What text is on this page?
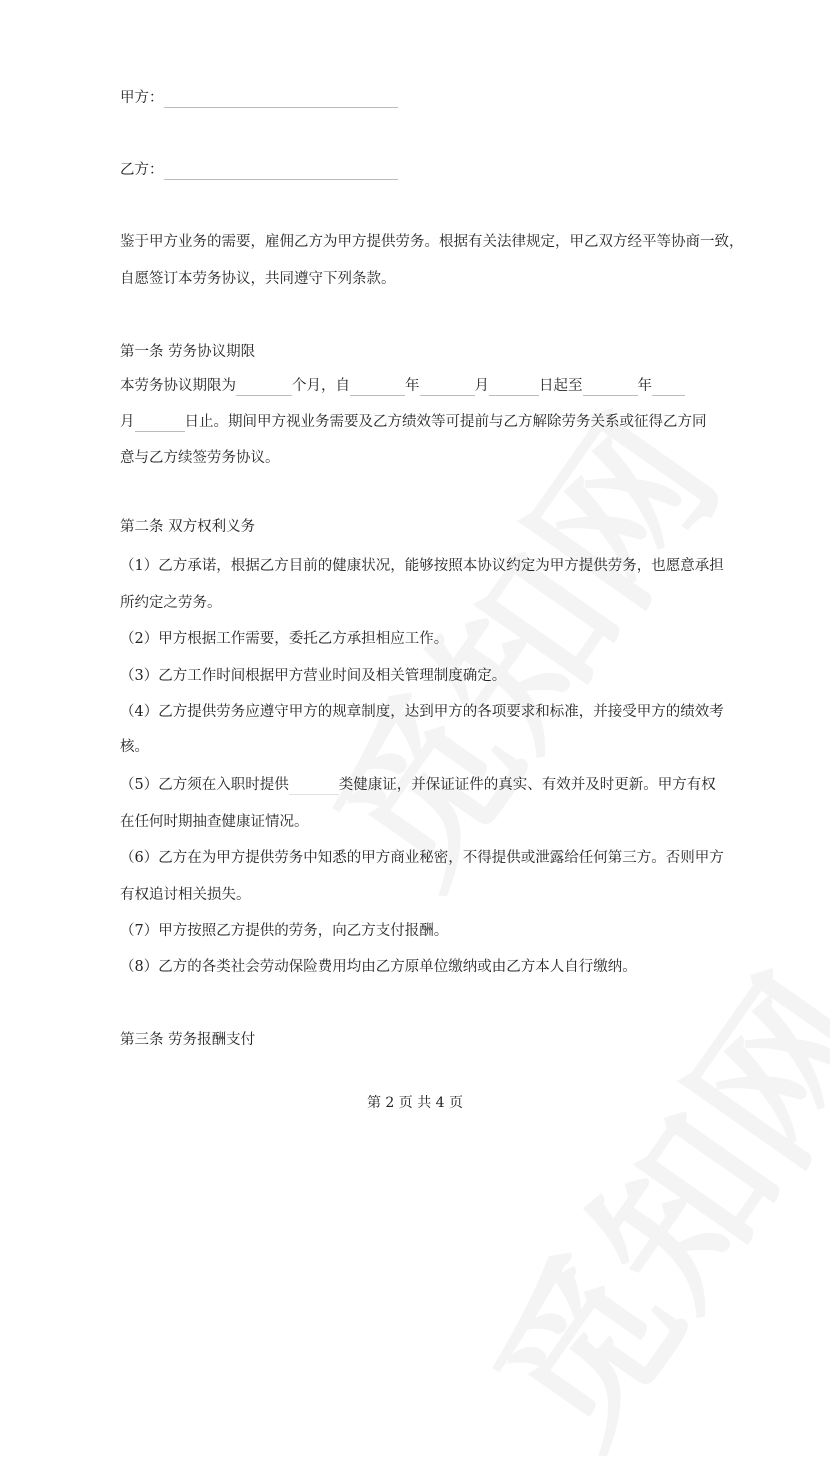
甲方：
乙方：
鉴于甲方业务的需要，雇佣乙方为甲方提供劳务。根据有关法律规定，甲乙双方经平等协商一致，
自愿签订本劳务协议，共同遵守下列条款。
第一条 劳务协议期限
本劳务协议期限为	个月，自	年	月	日起至	年
月	日止。期间甲方视业务需要及乙方绩效等可提前与乙方解除劳务关系或征得乙方同
意与乙方续签劳务协议。
第二条 双方权利义务
（1）乙方承诺，根据乙方目前的健康状况，能够按照本协议约定为甲方提供劳务，也愿意承担
所约定之劳务。
（2）甲方根据工作需要，委托乙方承担相应工作。
（3）乙方工作时间根据甲方营业时间及相关管理制度确定。
（4）乙方提供劳务应遵守甲方的规章制度，达到甲方的各项要求和标准，并接受甲方的绩效考
核。
（5）乙方须在入职时提供	类健康证，并保证证件的真实、有效并及时更新。甲方有权
在任何时期抽查健康证情况。
（6）乙方在为甲方提供劳务中知悉的甲方商业秘密，不得提供或泄露给任何第三方。否则甲方
有权追讨相关损失。
（7）甲方按照乙方提供的劳务，向乙方支付报酬。
（8）乙方的各类社会劳动保险费用均由乙方原单位缴纳或由乙方本人自行缴纳。
第三条 劳务报酬支付
第 2 页 共 4 页
